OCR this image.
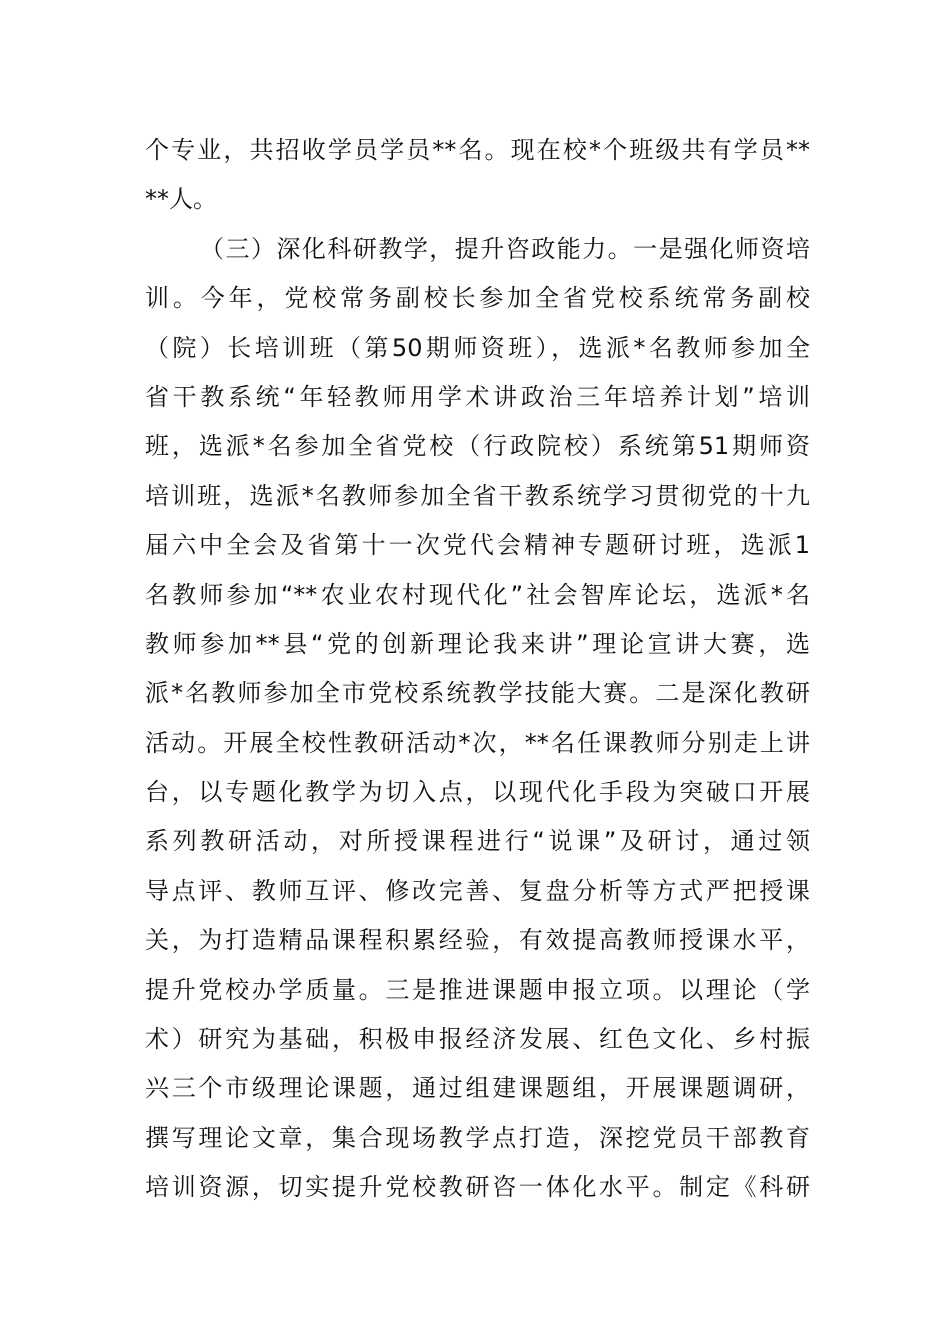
个专业，共招收学员学员**名。现在校*个班级共有学员**
**人。
（三）深化科研教学，提升咨政能力。一是强化师资培
训。今年，党校常务副校长参加全省党校系统常务副校
（院）长培训班（第50期师资班），选派*名教师参加全
省干教系统“年轻教师用学术讲政治三年培养计划”培训
班，选派*名参加全省党校（行政院校）系统第51期师资
培训班，选派*名教师参加全省干教系统学习贯彻党的十九
届六中全会及省第十一次党代会精神专题研讨班，选派1
名教师参加“**农业农村现代化”社会智库论坛，选派*名
教师参加**县“党的创新理论我来讲”理论宣讲大赛，选
派*名教师参加全市党校系统教学技能大赛。二是深化教研
活动。开展全校性教研活动*次，**名任课教师分别走上讲
台，以专题化教学为切入点，以现代化手段为突破口开展
系列教研活动，对所授课程进行“说课”及研讨，通过领
导点评、教师互评、修改完善、复盘分析等方式严把授课
关，为打造精品课程积累经验，有效提高教师授课水平，
提升党校办学质量。三是推进课题申报立项。以理论（学
术）研究为基础，积极申报经济发展、红色文化、乡村振
兴三个市级理论课题，通过组建课题组，开展课题调研，
撰写理论文章，集合现场教学点打造，深挖党员干部教育
培训资源，切实提升党校教研咨一体化水平。制定《科研
